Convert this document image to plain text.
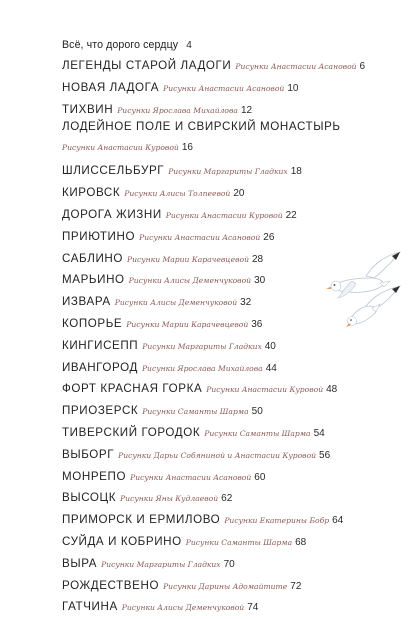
Всё, что дорого сердцу 4
ЛЕГЕНДЫ СТАРОЙ ЛАДОГИ Рисунки Анастасии Асановой 6
НОВАЯ ЛАДОГА Рисунки Анастасии Асановой 10
ТИХВИН Рисунки Ярослава Михайлова 12
ЛОДЕЙНОЕ ПОЛЕ И СВИРСКИЙ МОНАСТЫРЬ
Рисунки Анастасии Куровой 16
ШЛИССЕЛЬБУРГ Рисунки Маргариты Гладких 18
КИРОВСК Рисунки Алисы Толпеевой 20
ДОРОГА ЖИЗНИ Рисунки Анастасии Куровой 22
ПРИЮТИНО Рисунки Анастасии Асановой 26
САБЛИНО Рисунки Марии Карачевцевой 28
МАРЬИНО Рисунки Алисы Деменчуковой 30
ИЗВАРА Рисунки Алисы Деменчуковой 32
КОПОРЬЕ Рисунки Марии Карачевцевой 36
КИНГИСЕПП Рисунки Маргариты Гладких 40
ИВАНГОРОД Рисунки Ярослава Михайлова 44
ФОРТ КРАСНАЯ ГОРКА Рисунки Анастасии Куровой 48
ПРИОЗЕРСК Рисунки Саманты Шарма 50
ТИВЕРСКИЙ ГОРОДОК Рисунки Саманты Шарма 54
ВЫБОРГ Рисунки Дарьи Собяниной и Анастасии Куровой 56
МОНРЕПО Рисунки Анастасии Асановой 60
ВЫСОЦК Рисунки Яны Кудлаевой 62
ПРИМОРСК И ЕРМИЛОВО Рисунки Екатерины Бобр 64
СУЙДА И КОБРИНО Рисунки Саманты Шарма 68
ВЫРА Рисунки Маргариты Гладких 70
РОЖДЕСТВЕНО Рисунки Дарины Адомайтите 72
ГАТЧИНА Рисунки Алисы Деменчуковой 74
